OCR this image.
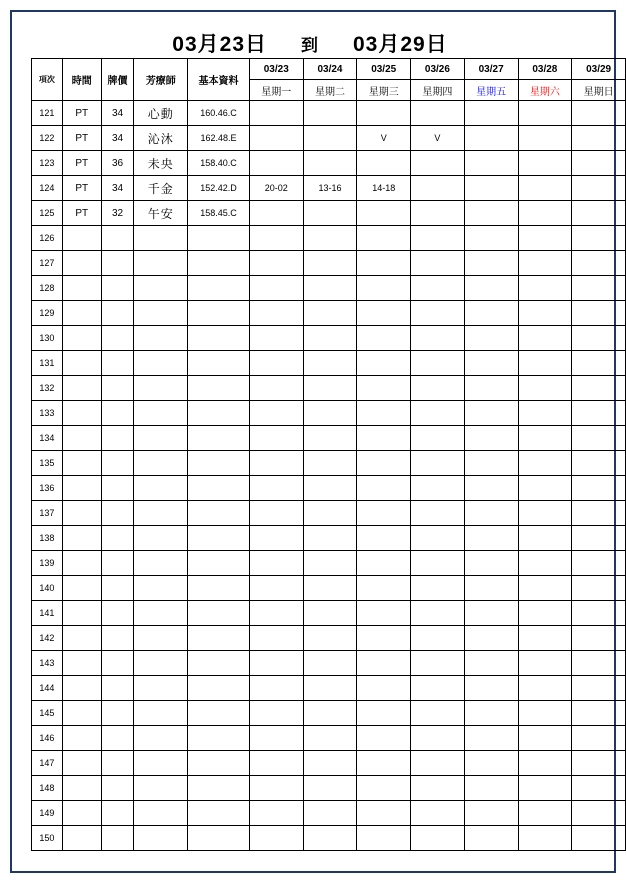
03月23日 到 03月29日
項次	時間	牌價	芳療師	基本資料	03/23	03/24	03/25	03/26	03/27	03/28	03/29
					星期一	星期二	星期三	星期四	星期五	星期六	星期日
121	PT	34	心動	160.46.C							
122	PT	34	沁沐	162.48.E			V	V			
123	PT	36	未央	158.40.C							
124	PT	34	千金	152.42.D	20-02	13-16	14-18				
125	PT	32	午安	158.45.C							
126											
127											
128											
129											
130											
131											
132											
133											
134											
135											
136											
137											
138											
139											
140											
141											
142											
143											
144											
145											
146											
147											
148											
149											
150											
